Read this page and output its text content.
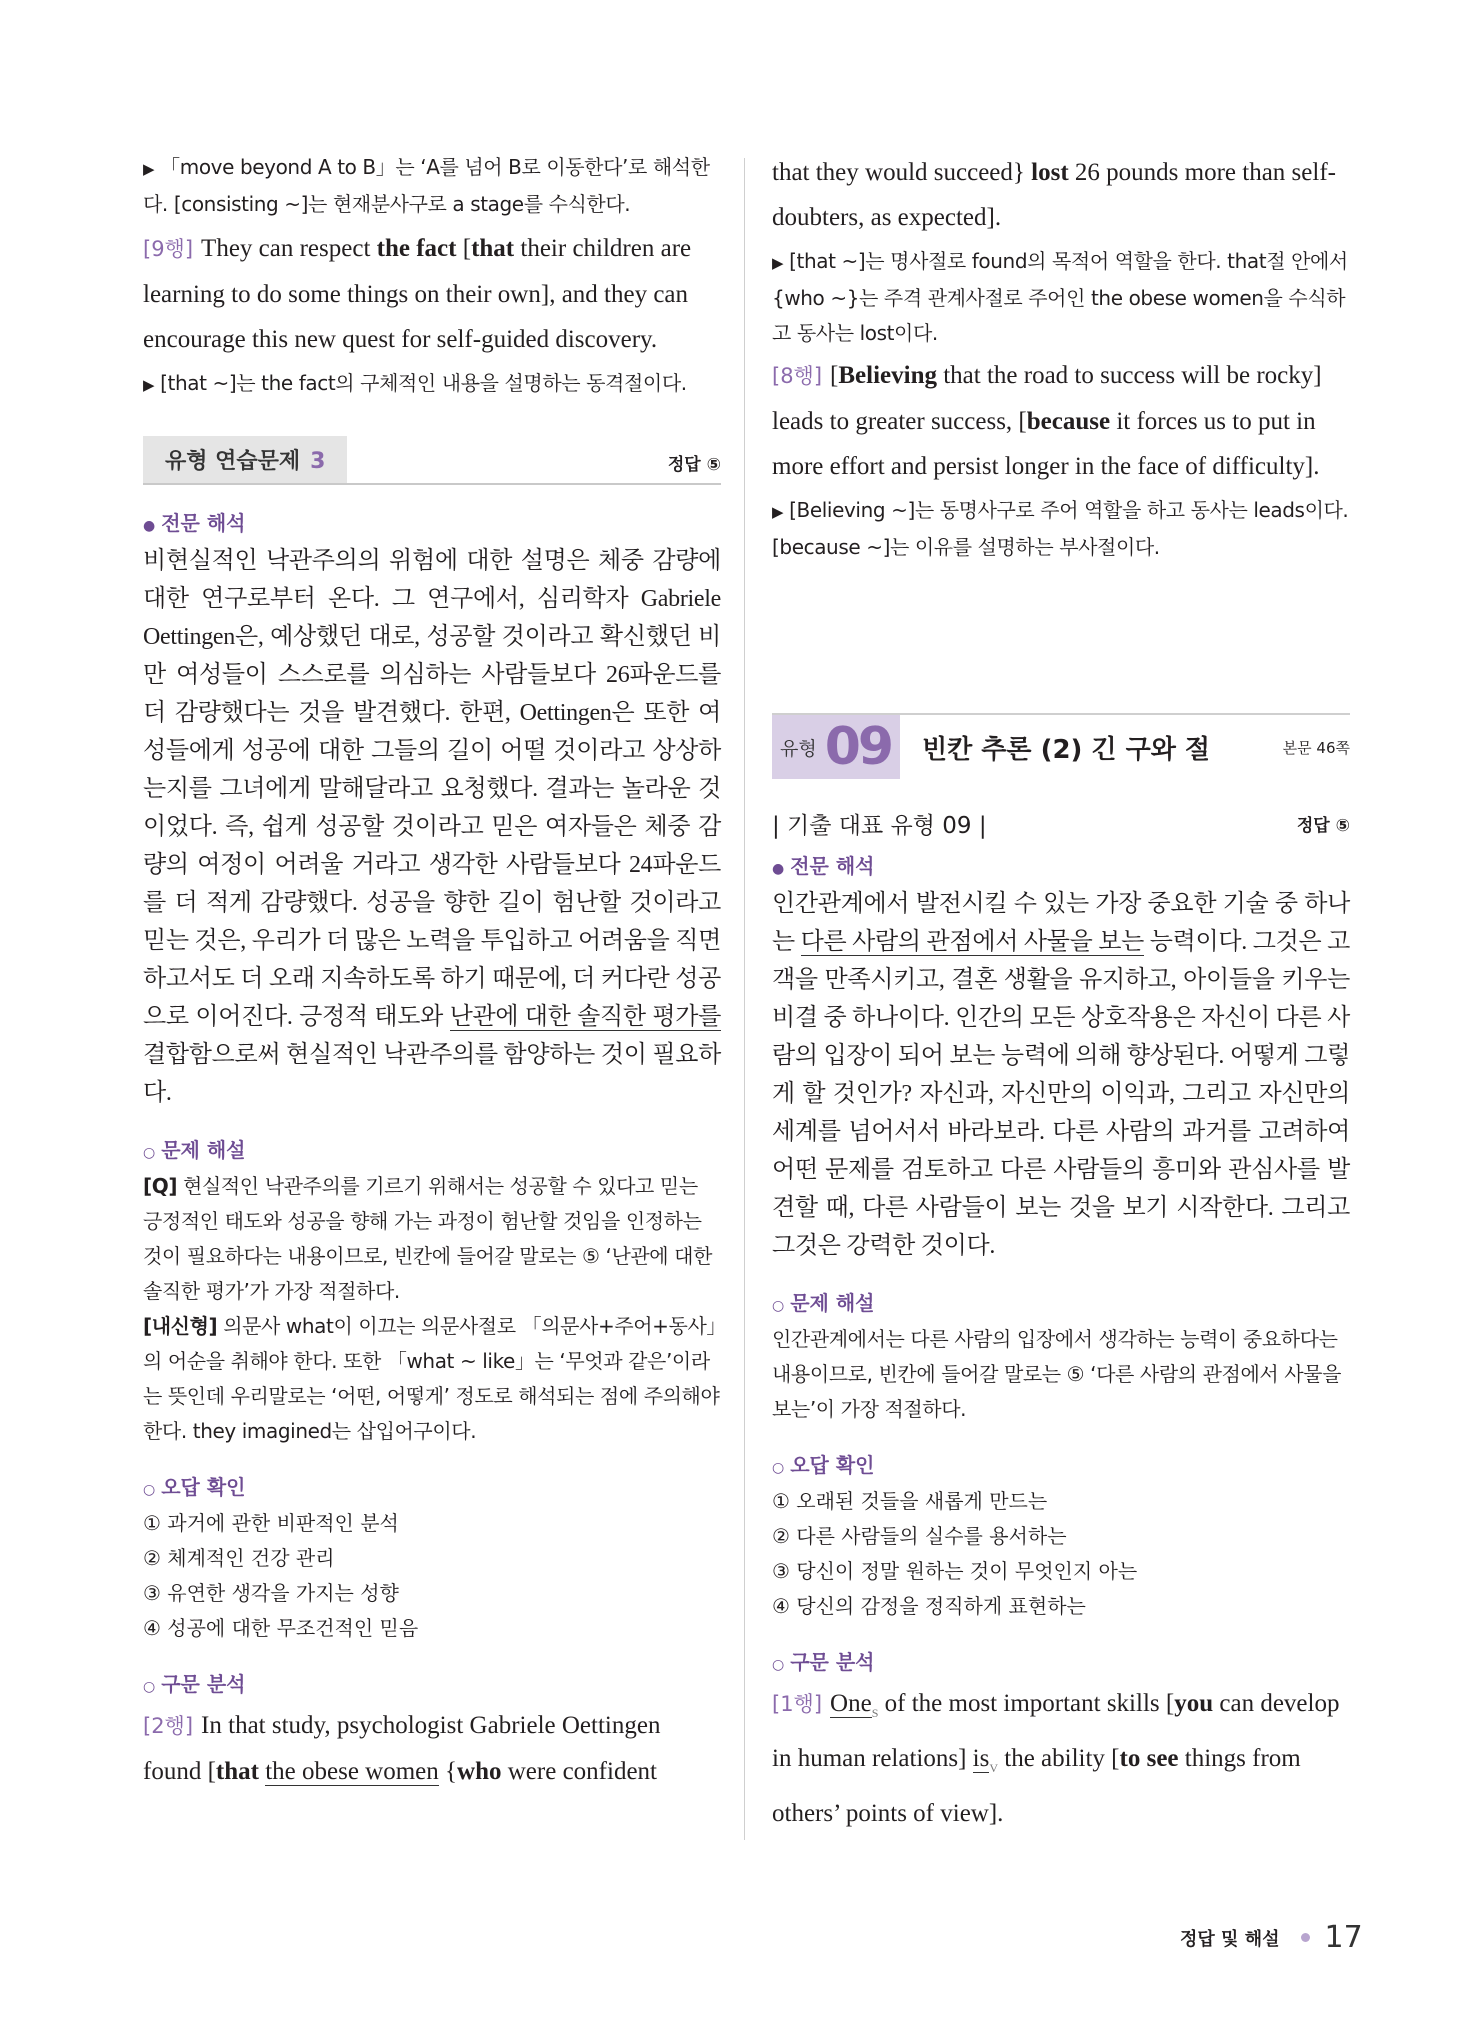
▶ 「move beyond A to B」는 ‘A를 넘어 B로 이동한다’로 해석한다. [consisting ~]는 현재분사구로 a stage를 수식한다.
[9행] They can respect the fact [that their children are learning to do some things on their own], and they can encourage this new quest for self-guided discovery.
▶ [that ~]는 the fact의 구체적인 내용을 설명하는 동격절이다.
유형 연습문제 3	정답 ⑤
● 전문 해석
비현실적인 낙관주의의 위험에 대한 설명은 체중 감량에 대한 연구로부터 온다. 그 연구에서, 심리학자 Gabriele Oettingen은, 예상했던 대로, 성공할 것이라고 확신했던 비만 여성들이 스스로를 의심하는 사람들보다 26파운드를 더 감량했다는 것을 발견했다. 한편, Oettingen은 또한 여성들에게 성공에 대한 그들의 길이 어떨 것이라고 상상하는지를 그녀에게 말해달라고 요청했다. 결과는 놀라운 것이었다. 즉, 쉽게 성공할 것이라고 믿은 여자들은 체중 감량의 여정이 어려울 거라고 생각한 사람들보다 24파운드를 더 적게 감량했다. 성공을 향한 길이 험난할 것이라고 믿는 것은, 우리가 더 많은 노력을 투입하고 어려움을 직면하고서도 더 오래 지속하도록 하기 때문에, 더 커다란 성공으로 이어진다. 긍정적 태도와 난관에 대한 솔직한 평가를 결합함으로써 현실적인 낙관주의를 함양하는 것이 필요하다.
○ 문제 해설
[Q] 현실적인 낙관주의를 기르기 위해서는 성공할 수 있다고 믿는 긍정적인 태도와 성공을 향해 가는 과정이 험난할 것임을 인정하는 것이 필요하다는 내용이므로, 빈칸에 들어갈 말로는 ⑤ ‘난관에 대한 솔직한 평가’가 가장 적절하다.
[내신형] 의문사 what이 이끄는 의문사절로 「의문사+주어+동사」의 어순을 취해야 한다. 또한 「what ~ like」는 ‘무엇과 같은’이라는 뜻인데 우리말로는 ‘어떤, 어떻게’ 정도로 해석되는 점에 주의해야 한다. they imagined는 삽입어구이다.
○ 오답 확인
① 과거에 관한 비판적인 분석
② 체계적인 건강 관리
③ 유연한 생각을 가지는 성향
④ 성공에 대한 무조건적인 믿음
○ 구문 분석
[2행] In that study, psychologist Gabriele Oettingen found [that the obese women {who were confident
that they would succeed} lost 26 pounds more than self-doubters, as expected].
▶ [that ~]는 명사절로 found의 목적어 역할을 한다. that절 안에서 {who ~}는 주격 관계사절로 주어인 the obese women을 수식하고 동사는 lost이다.
[8행] [Believing that the road to success will be rocky] leads to greater success, [because it forces us to put in more effort and persist longer in the face of difficulty].
▶ [Believing ~]는 동명사구로 주어 역할을 하고 동사는 leads이다. [because ~]는 이유를 설명하는 부사절이다.
유형 09 빈칸 추론 (2) 긴 구와 절	본문 46쪽
| 기출 대표 유형 09 |	정답 ⑤
● 전문 해석
인간관계에서 발전시킬 수 있는 가장 중요한 기술 중 하나는 다른 사람의 관점에서 사물을 보는 능력이다. 그것은 고객을 만족시키고, 결혼 생활을 유지하고, 아이들을 키우는 비결 중 하나이다. 인간의 모든 상호작용은 자신이 다른 사람의 입장이 되어 보는 능력에 의해 향상된다. 어떻게 그렇게 할 것인가? 자신과, 자신만의 이익과, 그리고 자신만의 세계를 넘어서서 바라보라. 다른 사람의 과거를 고려하여 어떤 문제를 검토하고 다른 사람들의 흥미와 관심사를 발견할 때, 다른 사람들이 보는 것을 보기 시작한다. 그리고 그것은 강력한 것이다.
○ 문제 해설
인간관계에서는 다른 사람의 입장에서 생각하는 능력이 중요하다는 내용이므로, 빈칸에 들어갈 말로는 ⑤ ‘다른 사람의 관점에서 사물을 보는’이 가장 적절하다.
○ 오답 확인
① 오래된 것들을 새롭게 만드는
② 다른 사람들의 실수를 용서하는
③ 당신이 정말 원하는 것이 무엇인지 아는
④ 당신의 감정을 정직하게 표현하는
○ 구문 분석
[1행] One$_S$ of the most important skills [you can develop in human relations] $is_V$ the ability [to see things from others’ points of view].
정답 및 해설 17
